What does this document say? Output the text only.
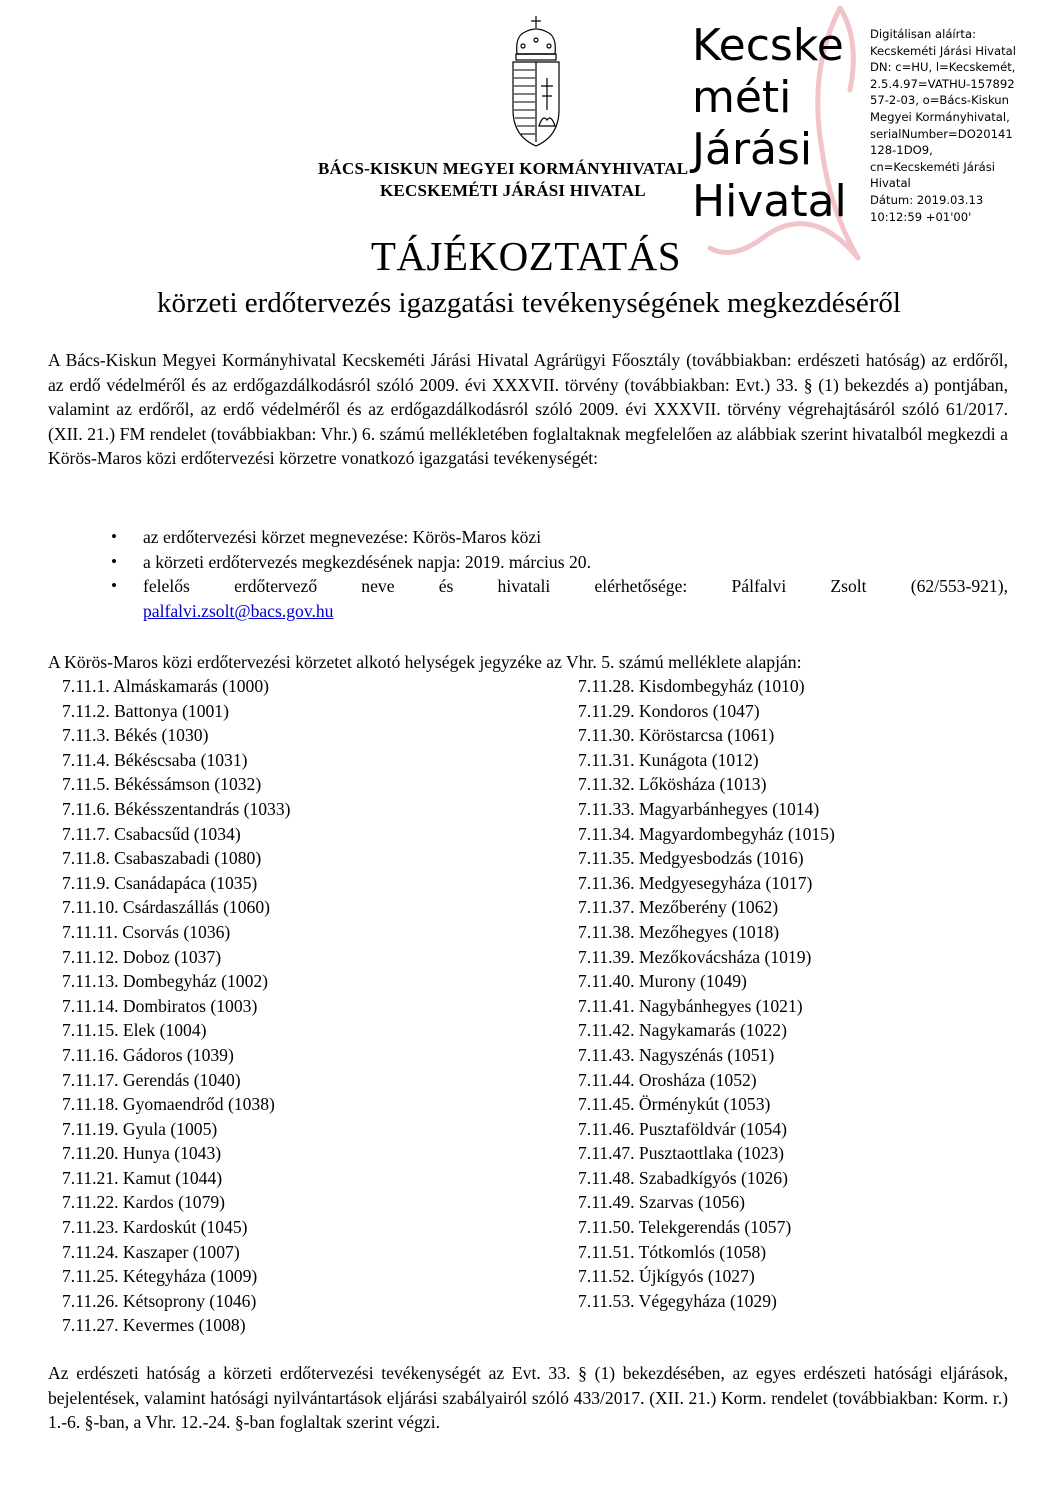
Kecske
méti
Járási
Hivatal
Digitálisan aláírta:
Kecskeméti Járási Hivatal
DN: c=HU, l=Kecskemét,
2.5.4.97=VATHU-157892
57-2-03, o=Bács-Kiskun
Megyei Kormányhivatal,
serialNumber=DO20141
128-1DO9,
cn=Kecskeméti Járási
Hivatal
Dátum: 2019.03.13
10:12:59 +01'00'
BÁCS-KISKUN MEGYEI KORMÁNYHIVATAL
KECSKEMÉTI JÁRÁSI HIVATAL
TÁJÉKOZTATÁS
körzeti erdőtervezés igazgatási tevékenységének megkezdéséről
A Bács-Kiskun Megyei Kormányhivatal Kecskeméti Járási Hivatal Agrárügyi Főosztály (továbbiakban: erdészeti hatóság) az erdőről, az erdő védelméről és az erdőgazdálkodásról szóló 2009. évi XXXVII. törvény (továbbiakban: Evt.) 33. § (1) bekezdés a) pontjában, valamint az erdőről, az erdő védelméről és az erdőgazdálkodásról szóló 2009. évi XXXVII. törvény végrehajtásáról szóló 61/2017. (XII. 21.) FM rendelet (továbbiakban: Vhr.) 6. számú mellékletében foglaltaknak megfelelően az alábbiak szerint hivatalból megkezdi a Körös-Maros közi erdőtervezési körzetre vonatkozó igazgatási tevékenységét:
• az erdőtervezési körzet megnevezése: Körös-Maros közi
• a körzeti erdőtervezés megkezdésének napja: 2019. március 20.
• felelős erdőtervező neve és hivatali elérhetősége: Pálfalvi Zsolt (62/553-921),
palfalvi.zsolt@bacs.gov.hu
A Körös-Maros közi erdőtervezési körzetet alkotó helységek jegyzéke az Vhr. 5. számú melléklete alapján:
7.11.1. Almáskamarás (1000)
7.11.2. Battonya (1001)
7.11.3. Békés (1030)
7.11.4. Békéscsaba (1031)
7.11.5. Békéssámson (1032)
7.11.6. Békésszentandrás (1033)
7.11.7. Csabacsűd (1034)
7.11.8. Csabaszabadi (1080)
7.11.9. Csanádapáca (1035)
7.11.10. Csárdaszállás (1060)
7.11.11. Csorvás (1036)
7.11.12. Doboz (1037)
7.11.13. Dombegyház (1002)
7.11.14. Dombiratos (1003)
7.11.15. Elek (1004)
7.11.16. Gádoros (1039)
7.11.17. Gerendás (1040)
7.11.18. Gyomaendrőd (1038)
7.11.19. Gyula (1005)
7.11.20. Hunya (1043)
7.11.21. Kamut (1044)
7.11.22. Kardos (1079)
7.11.23. Kardoskút (1045)
7.11.24. Kaszaper (1007)
7.11.25. Kétegyháza (1009)
7.11.26. Kétsoprony (1046)
7.11.27. Kevermes (1008)
7.11.28. Kisdombegyház (1010)
7.11.29. Kondoros (1047)
7.11.30. Köröstarcsa (1061)
7.11.31. Kunágota (1012)
7.11.32. Lőkösháza (1013)
7.11.33. Magyarbánhegyes (1014)
7.11.34. Magyardombegyház (1015)
7.11.35. Medgyesbodzás (1016)
7.11.36. Medgyesegyháza (1017)
7.11.37. Mezőberény (1062)
7.11.38. Mezőhegyes (1018)
7.11.39. Mezőkovácsháza (1019)
7.11.40. Murony (1049)
7.11.41. Nagybánhegyes (1021)
7.11.42. Nagykamarás (1022)
7.11.43. Nagyszénás (1051)
7.11.44. Orosháza (1052)
7.11.45. Örménykút (1053)
7.11.46. Pusztaföldvár (1054)
7.11.47. Pusztaottlaka (1023)
7.11.48. Szabadkígyós (1026)
7.11.49. Szarvas (1056)
7.11.50. Telekgerendás (1057)
7.11.51. Tótkomlós (1058)
7.11.52. Újkígyós (1027)
7.11.53. Végegyháza (1029)
Az erdészeti hatóság a körzeti erdőtervezési tevékenységét az Evt. 33. § (1) bekezdésében, az egyes erdészeti hatósági eljárások, bejelentések, valamint hatósági nyilvántartások eljárási szabályairól szóló 433/2017. (XII. 21.) Korm. rendelet (továbbiakban: Korm. r.) 1.-6. §-ban, a Vhr. 12.-24. §-ban foglaltak szerint végzi.
